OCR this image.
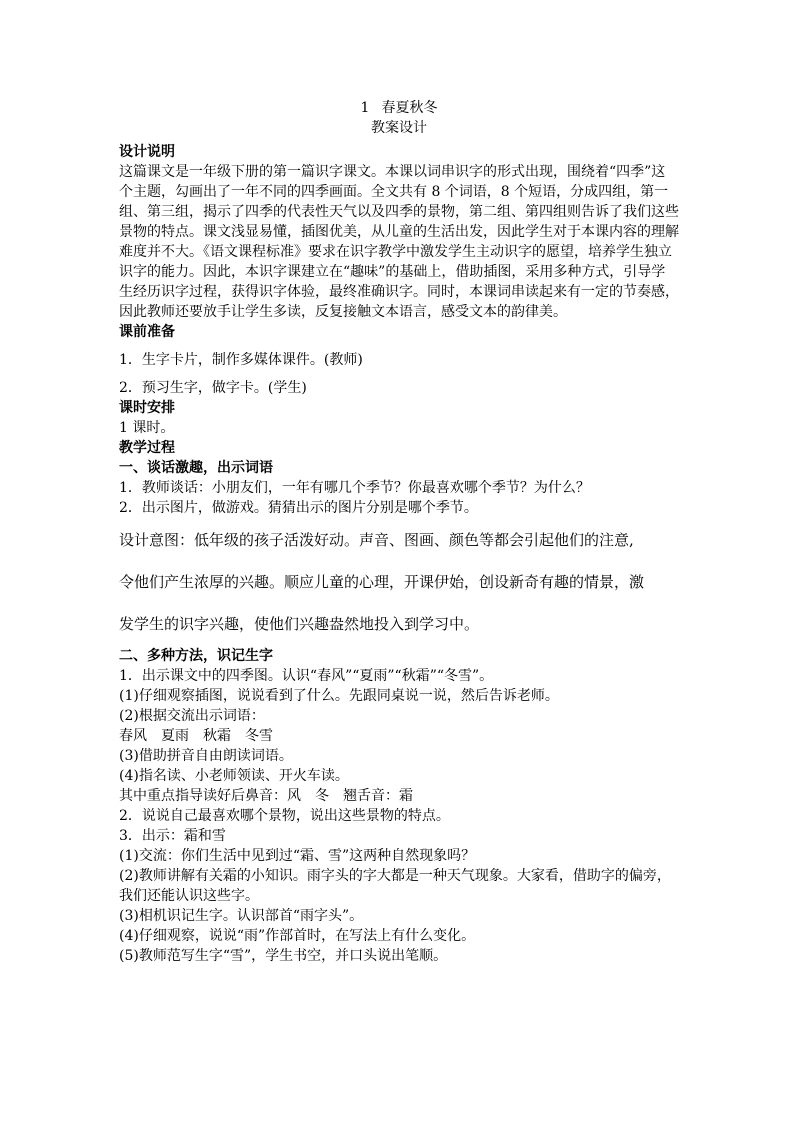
1 春夏秋冬

教案设计

设计说明

这篇课文是一年级下册的第一篇识字课文。本课以词串识字的形式出现，围绕着“四季”这个主题，勾画出了一年不同的四季画面。全文共有 8 个词语，8 个短语，分成四组，第一组、第三组，揭示了四季的代表性天气以及四季的景物，第二组、第四组则告诉了我们这些景物的特点。课文浅显易懂，插图优美，从儿童的生活出发，因此学生对于本课内容的理解难度并不大。《语文课程标准》要求在识字教学中激发学生主动识字的愿望，培养学生独立识字的能力。因此，本识字课建立在“趣味”的基础上，借助插图，采用多种方式，引导学生经历识字过程，获得识字体验，最终准确识字。同时，本课词串读起来有一定的节奏感，因此教师还要放手让学生多读，反复接触文本语言，感受文本的韵律美。

课前准备

1．生字卡片，制作多媒体课件。(教师)

2．预习生字，做字卡。(学生)

课时安排

1 课时。

教学过程

一、谈话激趣，出示词语

1．教师谈话：小朋友们，一年有哪几个季节？你最喜欢哪个季节？为什么？

2．出示图片，做游戏。猜猜出示的图片分别是哪个季节。

设计意图：低年级的孩子活泼好动。声音、图画、颜色等都会引起他们的注意,

令他们产生浓厚的兴趣。顺应儿童的心理，开课伊始，创设新奇有趣的情景，激

发学生的识字兴趣，使他们兴趣盎然地投入到学习中。

二、多种方法，识记生字

1．出示课文中的四季图。认识“春风”“夏雨”“秋霜”“冬雪”。

(1)仔细观察插图，说说看到了什么。先跟同桌说一说，然后告诉老师。

(2)根据交流出示词语：

春风　夏雨　秋霜　冬雪

(3)借助拼音自由朗读词语。

(4)指名读、小老师领读、开火车读。

其中重点指导读好后鼻音：风　冬　翘舌音：霜

2．说说自己最喜欢哪个景物，说出这些景物的特点。

3．出示：霜和雪

(1)交流：你们生活中见到过“霜、雪”这两种自然现象吗？

(2)教师讲解有关霜的小知识。雨字头的字大都是一种天气现象。大家看，借助字的偏旁，我们还能认识这些字。

(3)相机识记生字。认识部首“雨字头”。

(4)仔细观察，说说“雨”作部首时，在写法上有什么变化。

(5)教师范写生字“雪”，学生书空，并口头说出笔顺。
